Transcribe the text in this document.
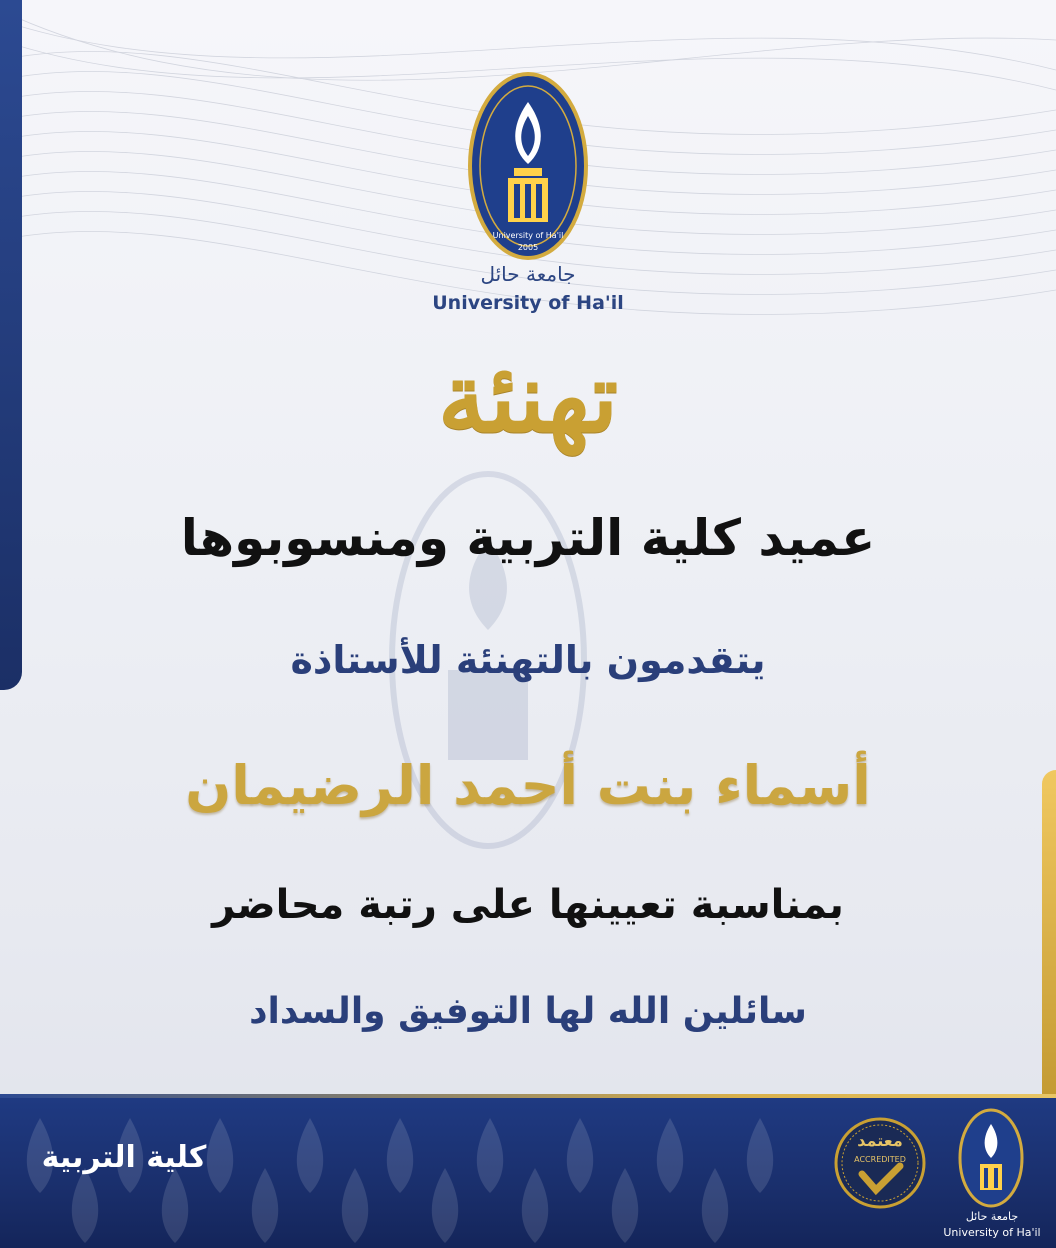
University of Ha'il
2005
جامعة حائل
University of Ha'il
تهنئة
عميد كلية التربية ومنسوبوها
يتقدمون بالتهنئة للأستاذة
أسماء بنت أحمد الرضيمان
بمناسبة تعيينها على رتبة محاضر
سائلين الله لها التوفيق والسداد
كلية التربية	معتمد
ACCREDITED
جامعة حائل
University of Ha'il
